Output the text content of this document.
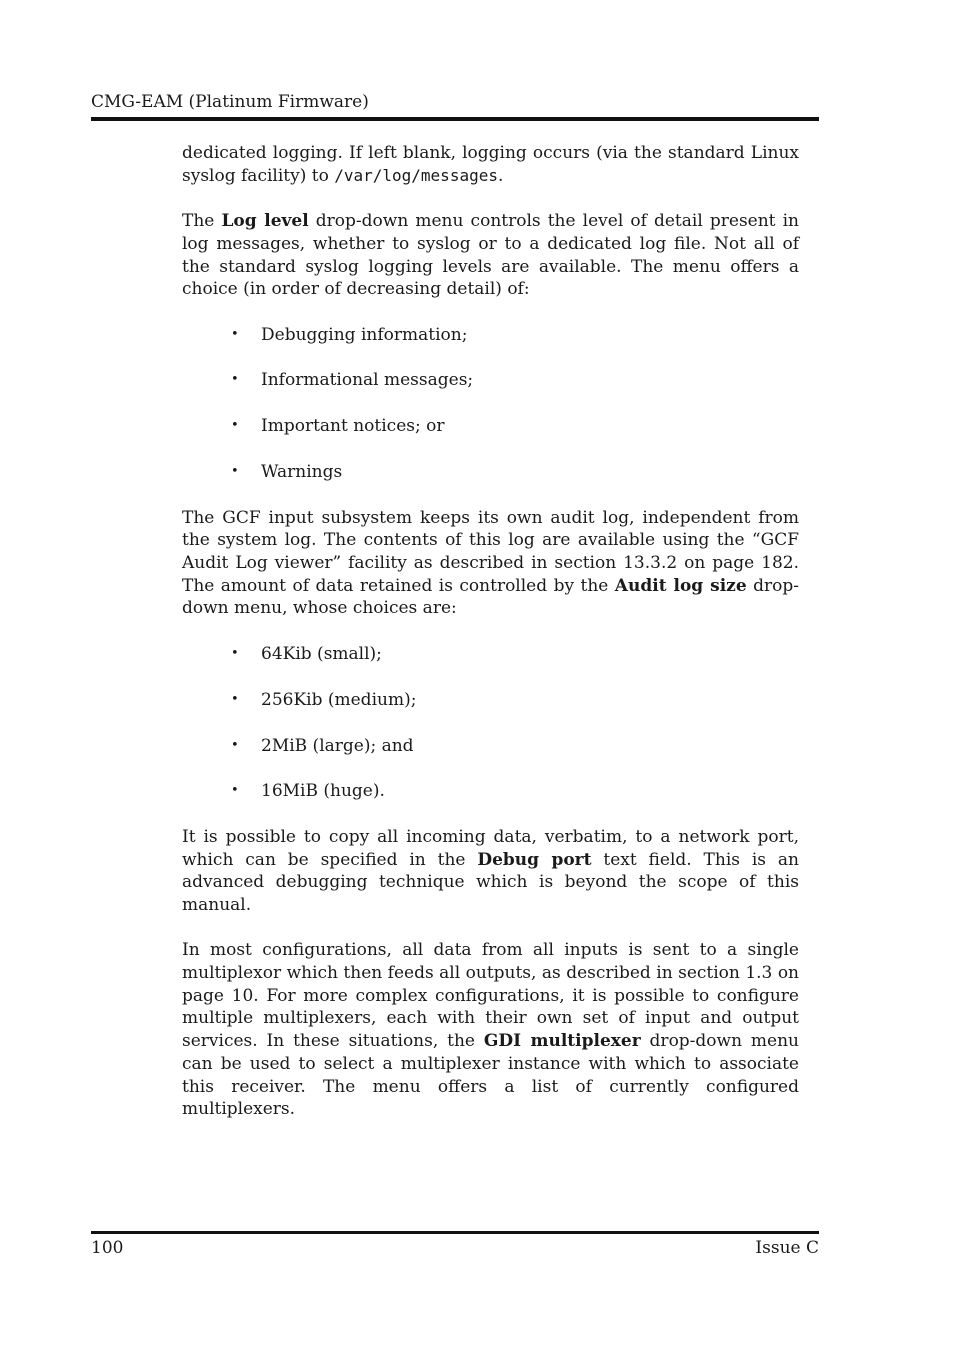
CMG-EAM (Platinum Firmware)

dedicated logging. If left blank, logging occurs (via the standard Linux syslog facility) to /var/log/messages.

The Log level drop-down menu controls the level of detail present in log messages, whether to syslog or to a dedicated log file. Not all of the standard syslog logging levels are available. The menu offers a choice (in order of decreasing detail) of:

• Debugging information;
• Informational messages;
• Important notices; or
• Warnings

The GCF input subsystem keeps its own audit log, independent from the system log. The contents of this log are available using the “GCF Audit Log viewer” facility as described in section 13.3.2 on page 182. The amount of data retained is controlled by the Audit log size drop-down menu, whose choices are:

• 64Kib (small);
• 256Kib (medium);
• 2MiB (large); and
• 16MiB (huge).

It is possible to copy all incoming data, verbatim, to a network port, which can be specified in the Debug port text field. This is an advanced debugging technique which is beyond the scope of this manual.

In most configurations, all data from all inputs is sent to a single multiplexor which then feeds all outputs, as described in section 1.3 on page 10. For more complex configurations, it is possible to configure multiple multiplexers, each with their own set of input and output services. In these situations, the GDI multiplexer drop-down menu can be used to select a multiplexer instance with which to associate this receiver. The menu offers a list of currently configured multiplexers.

100	Issue C
